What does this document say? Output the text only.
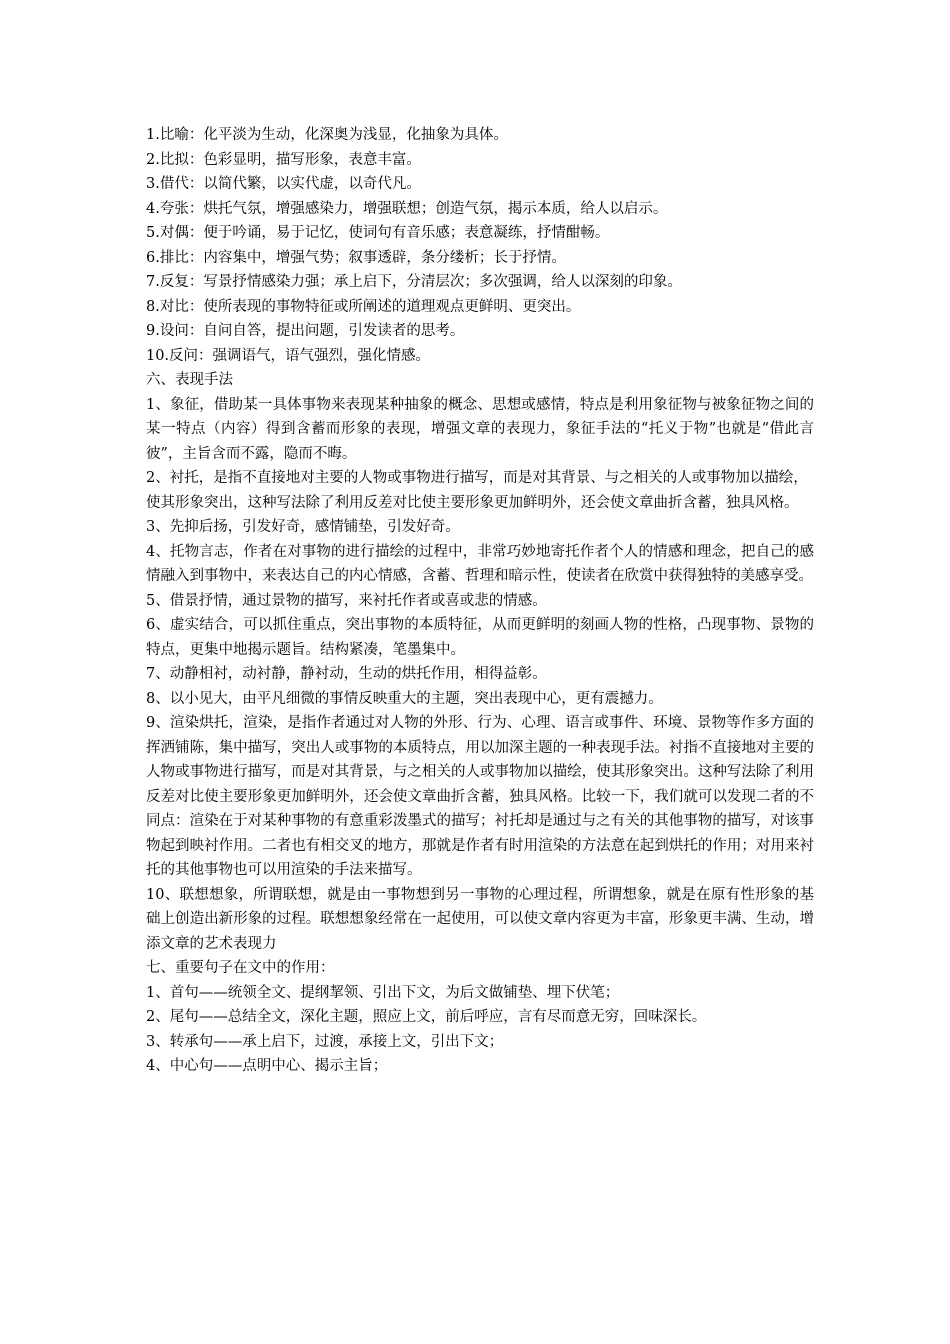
1.比喻：化平淡为生动，化深奥为浅显，化抽象为具体。

2.比拟：色彩显明，描写形象，表意丰富。

3.借代：以简代繁，以实代虚，以奇代凡。

4.夸张：烘托气氛，增强感染力，增强联想；创造气氛，揭示本质，给人以启示。

5.对偶：便于吟诵，易于记忆，使词句有音乐感；表意凝练，抒情酣畅。

6.排比：内容集中，增强气势；叙事透辟，条分缕析；长于抒情。

7.反复：写景抒情感染力强；承上启下，分清层次；多次强调，给人以深刻的印象。

8.对比：使所表现的事物特征或所阐述的道理观点更鲜明、更突出。

9.设问：自问自答，提出问题，引发读者的思考。

10.反问：强调语气，语气强烈，强化情感。

六、表现手法

1、象征，借助某一具体事物来表现某种抽象的概念、思想或感情，特点是利用象征物与被象征物之间的某一特点（内容）得到含蓄而形象的表现，增强文章的表现力，象征手法的“托义于物”也就是“借此言彼”，主旨含而不露，隐而不晦。

2、衬托，是指不直接地对主要的人物或事物进行描写，而是对其背景、与之相关的人或事物加以描绘，

使其形象突出，这种写法除了利用反差对比使主要形象更加鲜明外，还会使文章曲折含蓄，独具风格。

3、先抑后扬，引发好奇，感情铺垫，引发好奇。

4、托物言志，作者在对事物的进行描绘的过程中，非常巧妙地寄托作者个人的情感和理念，把自己的感情融入到事物中，来表达自己的内心情感，含蓄、哲理和暗示性，使读者在欣赏中获得独特的美感享受。

5、借景抒情，通过景物的描写，来衬托作者或喜或悲的情感。

6、虚实结合，可以抓住重点，突出事物的本质特征，从而更鲜明的刻画人物的性格，凸现事物、景物的特点，更集中地揭示题旨。结构紧凑，笔墨集中。

7、动静相衬，动衬静，静衬动，生动的烘托作用，相得益彰。

8、以小见大，由平凡细微的事情反映重大的主题，突出表现中心，更有震撼力。

9、渲染烘托，渲染，是指作者通过对人物的外形、行为、心理、语言或事件、环境、景物等作多方面的挥洒铺陈，集中描写，突出人或事物的本质特点，用以加深主题的一种表现手法。衬指不直接地对主要的人物或事物进行描写，而是对其背景，与之相关的人或事物加以描绘，使其形象突出。这种写法除了利用反差对比使主要形象更加鲜明外，还会使文章曲折含蓄，独具风格。比较一下，我们就可以发现二者的不同点：渲染在于对某种事物的有意重彩泼墨式的描写；衬托却是通过与之有关的其他事物的描写，对该事物起到映衬作用。二者也有相交叉的地方，那就是作者有时用渲染的方法意在起到烘托的作用；对用来衬托的其他事物也可以用渲染的手法来描写。

10、联想想象，所谓联想，就是由一事物想到另一事物的心理过程，所谓想象，就是在原有性形象的基础上创造出新形象的过程。联想想象经常在一起使用，可以使文章内容更为丰富，形象更丰满、生动，增添文章的艺术表现力

七、重要句子在文中的作用：

1、首句——统领全文、提纲挈领、引出下文，为后文做铺垫、埋下伏笔；

2、尾句——总结全文，深化主题，照应上文，前后呼应，言有尽而意无穷，回味深长。

3、转承句——承上启下，过渡，承接上文，引出下文；

4、中心句——点明中心、揭示主旨；
